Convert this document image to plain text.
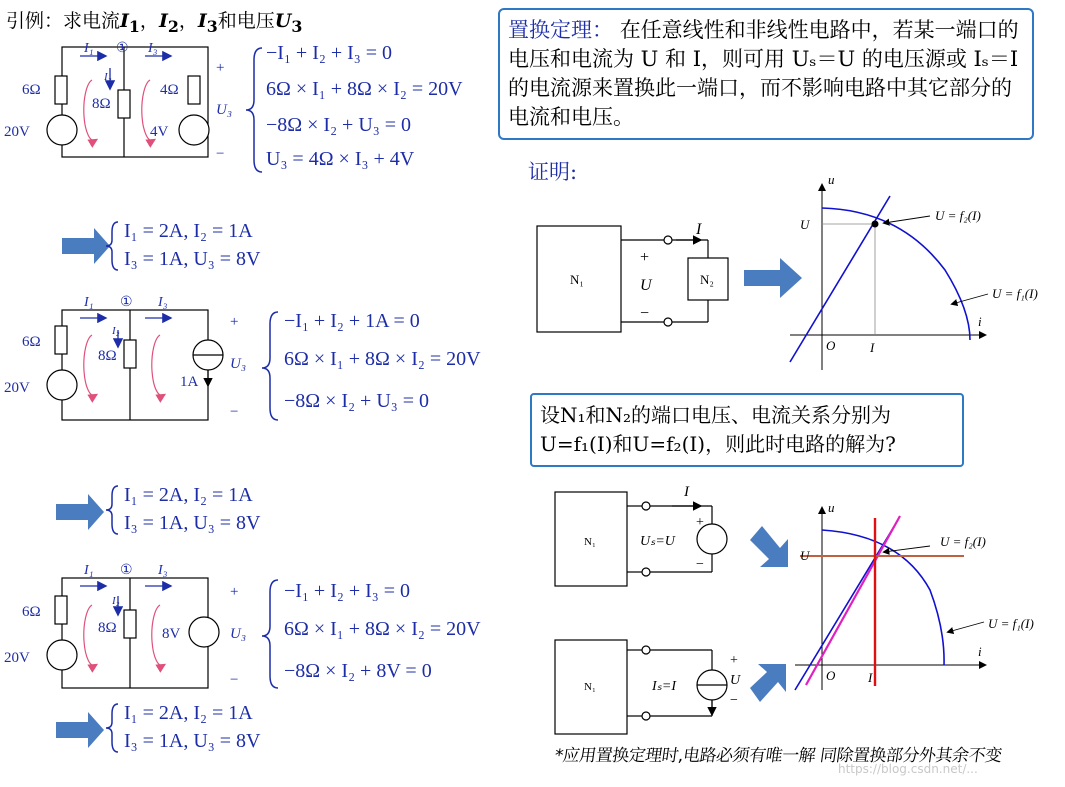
引例：求电流$I_1$，$I_2$，$I_3$和电压$U_3$
I₁ ① I₃
I₂
6Ω
8Ω
4Ω
20V	4V
+
U₃
−
I₁ ① I₃
I₂
6Ω
8Ω
20V	1A
+
U₃
−
I₁ ① I₃
I₂
6Ω
8Ω
20V
8V
+
U₃
−
N₁	N₂
I
+
U
−
u
i
U
O	I
U = f₂(I)
U = f₁(I)
N₁
I
Uₛ=U
+
−
N₁	Iₛ=I
+
U
−
u
i
U
O	I
U = f₂(I)
U = f₁(I)
−I₁ + I₂ + I₃ = 0
6Ω × I₁ + 8Ω × I₂ = 20V
−8Ω × I₂ + U₃ = 0
U₃ = 4Ω × I₃ + 4V
I₁ = 2A, I₂ = 1A
I₃ = 1A, U₃ = 8V
−I₁ + I₂ + 1A = 0
6Ω × I₁ + 8Ω × I₂ = 20V
−8Ω × I₂ + U₃ = 0
I₁ = 2A, I₂ = 1A
I₃ = 1A, U₃ = 8V
−I₁ + I₂ + I₃ = 0
6Ω × I₁ + 8Ω × I₂ = 20V
−8Ω × I₂ + 8V = 0
I₁ = 2A, I₂ = 1A
I₃ = 1A, U₃ = 8V
置换定理： 在任意线性和非线性电路中，若某一端口的电压和电流为 U 和 I，则可用 Uₛ＝U 的电压源或 Iₛ＝I 的电流源来置换此一端口，而不影响电路中其它部分的电流和电压。
证明:
设N₁和N₂的端口电压、电流关系分别为 U=f₁(I)和U=f₂(I)，则此时电路的解为?
*应用置换定理时,电路必须有唯一解 同除置换部分外其余不变
https://blog.csdn.net/...
